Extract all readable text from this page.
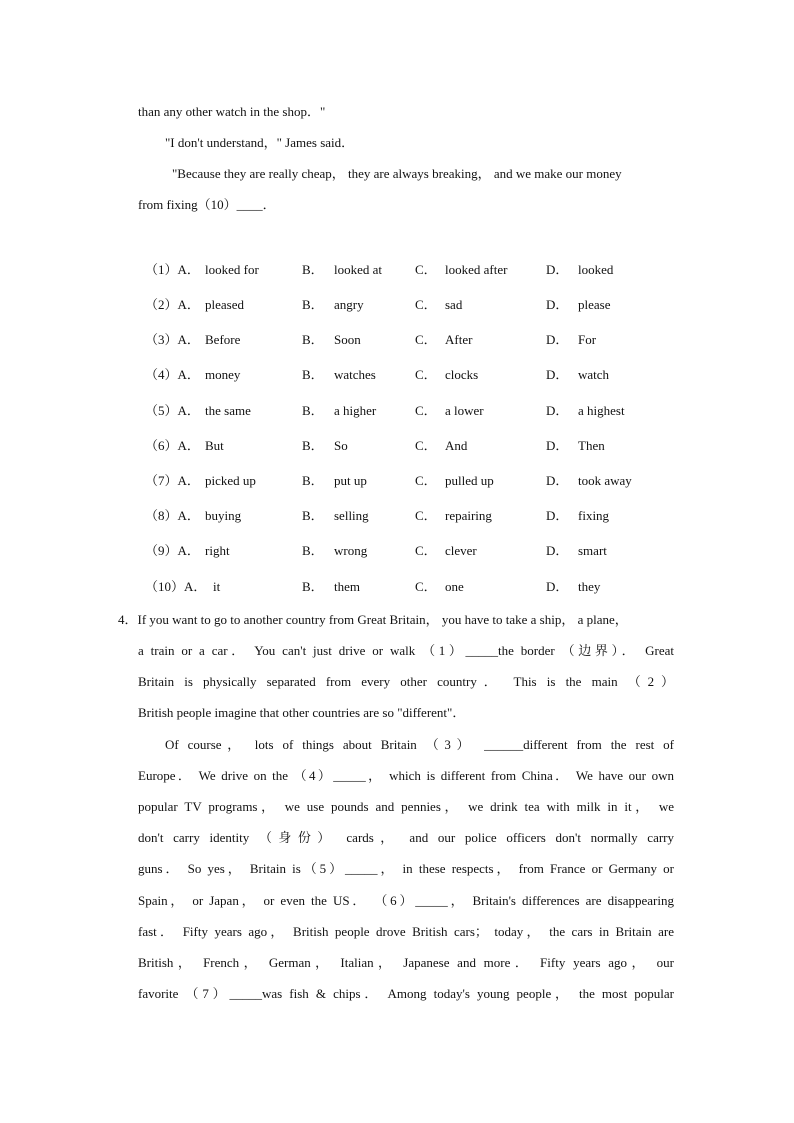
than any other watch in the shop．"
"I don't understand，" James said．
"Because they are really cheap， they are always breaking， and we make our money
from fixing（10）____．
（1）A． looked for	B． looked at	C． looked after	D． looked
（2）A． pleased	B． angry	C． sad	D． please
（3）A． Before	B． Soon	C． After	D． For
（4）A． money	B． watches	C． clocks	D． watch
（5）A． the same	B． a higher	C． a lower	D． a highest
（6）A． But	B． So	C． And	D． Then
（7）A． picked up	B． put up	C． pulled up	D． took away
（8）A． buying	B． selling	C． repairing	D． fixing
（9）A． right	B． wrong	C． clever	D． smart
（10）A． it	B． them	C． one	D． they
4．If you want to go to another country from Great Britain， you have to take a ship， a plane，
a train or a car． You can't just drive or walk （1）_____the border （边界）． Great
Britain is physically separated from every other country． This is the main （2）
British people imagine that other countries are so "different"．
Of course， lots of things about Britain （3） ______different from the rest of
Europe． We drive on the （4）_____， which is different from China． We have our own
popular TV programs， we use pounds and pennies， we drink tea with milk in it， we
don't carry identity （身份） cards， and our police officers don't normally carry
guns． So yes， Britain is（5）_____， in these respects， from France or Germany or
Spain， or Japan， or even the US． （6）_____， Britain's differences are disappearing
fast． Fifty years ago， British people drove British cars； today， the cars in Britain are
British， French， German， Italian， Japanese and more． Fifty years ago， our
favorite （7）_____was fish & chips． Among today's young people， the most popular
